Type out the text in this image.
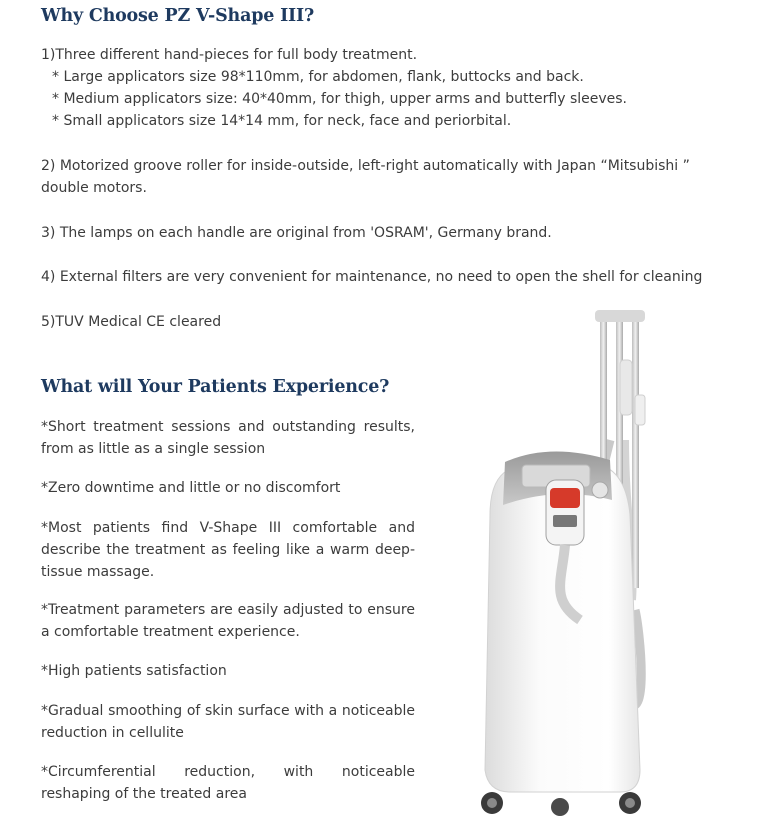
Why Choose PZ V-Shape III?
1)Three different hand-pieces for full body treatment.
* Large applicators size 98*110mm, for abdomen, flank, buttocks and back.
* Medium applicators size: 40*40mm, for thigh, upper arms and butterfly sleeves.
* Small applicators size 14*14 mm, for neck, face and periorbital.
2) Motorized groove roller for inside-outside, left-right automatically with Japan “Mitsubishi ”
double motors.
3) The lamps on each handle are original from 'OSRAM', Germany brand.
4) External filters are very convenient for maintenance, no need to open the shell for cleaning
5)TUV Medical CE cleared
What will Your Patients Experience?
*Short treatment sessions and outstanding results, from as little as a single session
*Zero downtime and little or no discomfort
*Most patients find V-Shape III comfortable and describe the treatment as feeling like a warm deep-tissue massage.
*Treatment parameters are easily adjusted to ensure a comfortable treatment experience.
*High patients satisfaction
*Gradual smoothing of skin surface with a noticeable reduction in cellulite
*Circumferential reduction, with noticeable reshaping of the treated area
